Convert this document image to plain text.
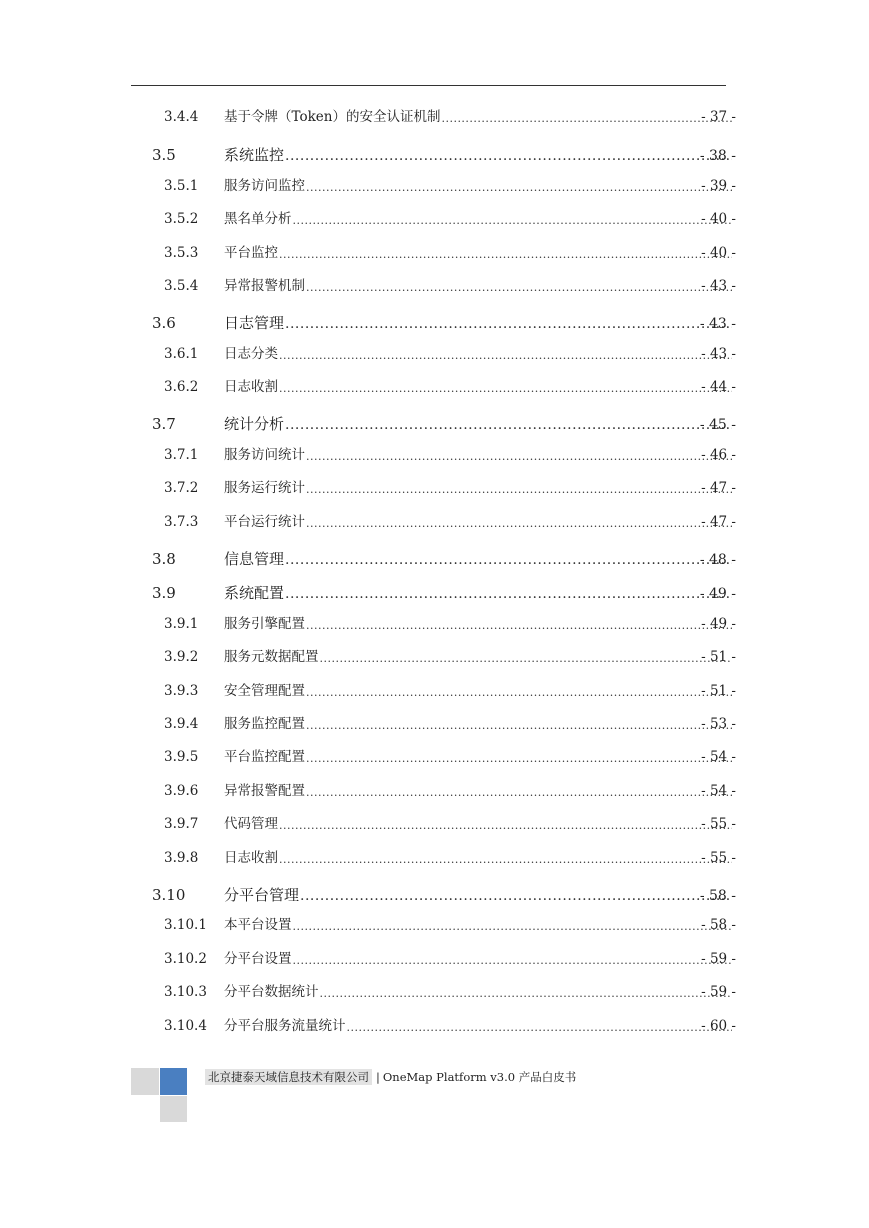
3.4.4 基于令牌（Token）的安全认证机制 .....	- 37 -
3.5	系统监控 .....	- 38 -
3.5.1 服务访问监控 .....	- 39 -
3.5.2 黑名单分析 .....	- 40 -
3.5.3 平台监控 .....	- 40 -
3.5.4 异常报警机制 .....	- 43 -
3.6	日志管理 .....	- 43 -
3.6.1 日志分类 .....	- 43 -
3.6.2 日志收割 .....	- 44 -
3.7	统计分析 .....	- 45 -
3.7.1 服务访问统计 .....	- 46 -
3.7.2 服务运行统计 .....	- 47 -
3.7.3 平台运行统计 .....	- 47 -
3.8	信息管理 .....	- 48 -
3.9	系统配置 .....	- 49 -
3.9.1 服务引擎配置 .....	- 49 -
3.9.2 服务元数据配置 .....	- 51 -
3.9.3 安全管理配置 .....	- 51 -
3.9.4 服务监控配置 .....	- 53 -
3.9.5 平台监控配置 .....	- 54 -
3.9.6 异常报警配置 .....	- 54 -
3.9.7 代码管理 .....	- 55 -
3.9.8 日志收割 .....	- 55 -
3.10	分平台管理 .....	- 58 -
3.10.1 本平台设置 .....	- 58 -
3.10.2 分平台设置 .....	- 59 -
3.10.3 分平台数据统计 .....	- 59 -
3.10.4 分平台服务流量统计 .....	- 60 -
北京捷泰天域信息技术有限公司 | OneMap Platform v3.0 产品白皮书
